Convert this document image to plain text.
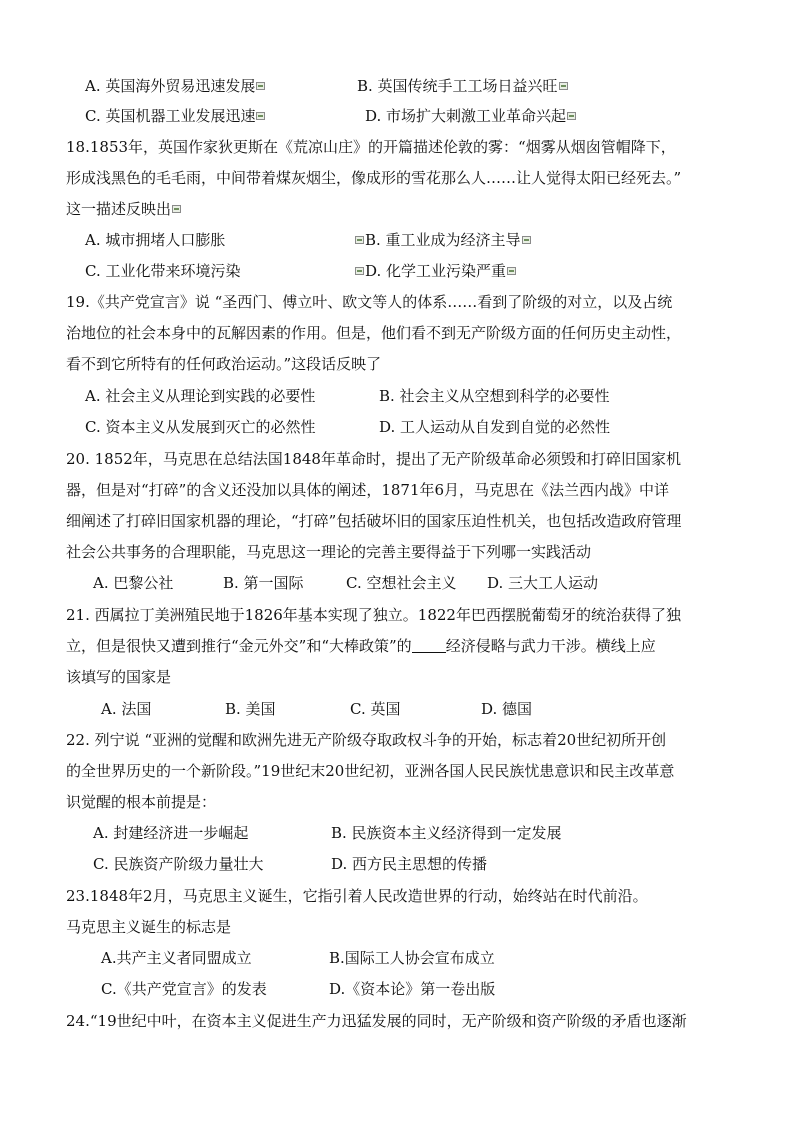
A. 英国海外贸易迅速发展	B. 英国传统手工工场日益兴旺
C. 英国机器工业发展迅速	D. 市场扩大刺激工业革命兴起
18.1853年，英国作家狄更斯在《荒凉山庄》的开篇描述伦敦的雾：“烟雾从烟囱管帽降下，
形成浅黑色的毛毛雨，中间带着煤灰烟尘，像成形的雪花那么人……让人觉得太阳已经死去。”
这一描述反映出
A. 城市拥堵人口膨胀	B. 重工业成为经济主导
C. 工业化带来环境污染	D. 化学工业污染严重
19.《共产党宣言》说 “圣西门、傅立叶、欧文等人的体系……看到了阶级的对立，以及占统
治地位的社会本身中的瓦解因素的作用。但是，他们看不到无产阶级方面的任何历史主动性，
看不到它所特有的任何政治运动。”这段话反映了
A. 社会主义从理论到实践的必要性	B. 社会主义从空想到科学的必要性
C. 资本主义从发展到灭亡的必然性	D. 工人运动从自发到自觉的必然性
20. 1852年，马克思在总结法国1848年革命时，提出了无产阶级革命必须毁和打碎旧国家机
器，但是对“打碎”的含义还没加以具体的阐述，1871年6月，马克思在《法兰西内战》中详
细阐述了打碎旧国家机器的理论，“打碎”包括破坏旧的国家压迫性机关，也包括改造政府管理
社会公共事务的合理职能，马克思这一理论的完善主要得益于下列哪一实践活动
A. 巴黎公社	B. 第一国际	C. 空想社会主义 D. 三大工人运动
21. 西属拉丁美洲殖民地于1826年基本实现了独立。1822年巴西摆脱葡萄牙的统治获得了独
立，但是很快又遭到推行“金元外交”和“大棒政策”的 经济侵略与武力干涉。横线上应
该填写的国家是
A. 法国	B. 美国	C. 英国	D. 德国
22. 列宁说 “亚洲的觉醒和欧洲先进无产阶级夺取政权斗争的开始，标志着20世纪初所开创
的全世界历史的一个新阶段。”19世纪末20世纪初，亚洲各国人民民族忧患意识和民主改革意
识觉醒的根本前提是：
A. 封建经济进一步崛起	B. 民族资本主义经济得到一定发展
C. 民族资产阶级力量壮大	D. 西方民主思想的传播
23.1848年2月，马克思主义诞生，它指引着人民改造世界的行动，始终站在时代前沿。
马克思主义诞生的标志是
A.共产主义者同盟成立	B.国际工人协会宣布成立
C.《共产党宣言》的发表	D.《资本论》第一卷出版
24.“19世纪中叶，在资本主义促进生产力迅猛发展的同时，无产阶级和资产阶级的矛盾也逐渐
